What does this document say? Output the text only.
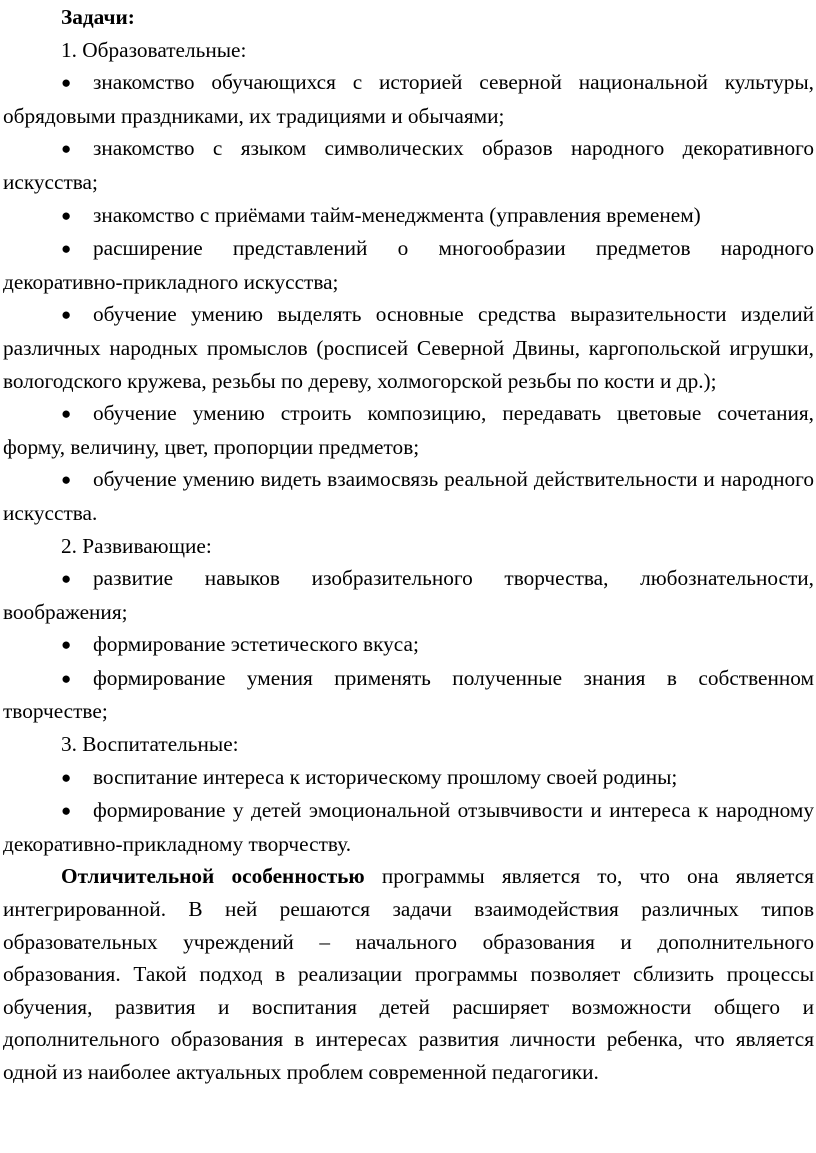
Задачи:

1. Образовательные:

● знакомство обучающихся с историей северной национальной культуры, обрядовыми праздниками, их традициями и обычаями;

● знакомство с языком символических образов народного декоративного искусства;

● знакомство с приёмами тайм-менеджмента (управления временем)

● расширение представлений о многообразии предметов народного декоративно-прикладного искусства;

● обучение умению выделять основные средства выразительности изделий различных народных промыслов (росписей Северной Двины, каргопольской игрушки, вологодского кружева, резьбы по дереву, холмогорской резьбы по кости и др.);

● обучение умению строить композицию, передавать цветовые сочетания, форму, величину, цвет, пропорции предметов;

● обучение умению видеть взаимосвязь реальной действительности и народного искусства.

2. Развивающие:

● развитие навыков изобразительного творчества, любознательности, воображения;

● формирование эстетического вкуса;

● формирование умения применять полученные знания в собственном творчестве;

3. Воспитательные:

● воспитание интереса к историческому прошлому своей родины;

● формирование у детей эмоциональной отзывчивости и интереса к народному декоративно-прикладному творчеству.

Отличительной особенностью программы является то, что она является интегрированной. В ней решаются задачи взаимодействия различных типов образовательных учреждений – начального образования и дополнительного образования. Такой подход в реализации программы позволяет сблизить процессы обучения, развития и воспитания детей расширяет возможности общего и дополнительного образования в интересах развития личности ребенка, что является одной из наиболее актуальных проблем современной педагогики.
